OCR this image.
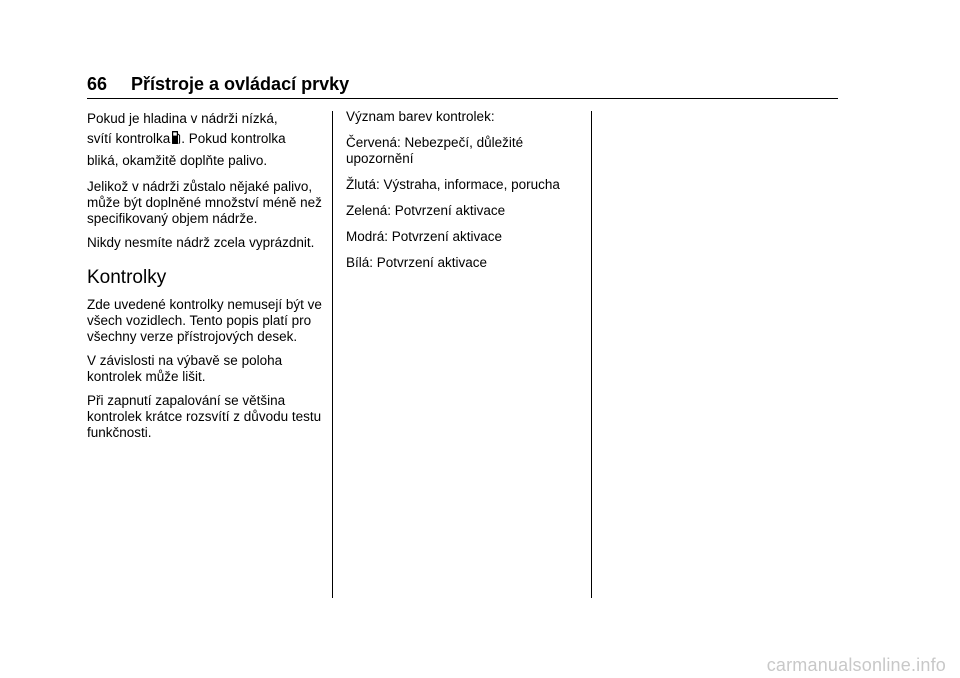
66 Přístroje a ovládací prvky

Pokud je hladina v nádrži nízká,
svítí kontrolka . Pokud kontrolka
bliká, okamžitě doplňte palivo.

Jelikož v nádrži zůstalo nějaké palivo, může být doplněné množství méně než specifikovaný objem nádrže.

Nikdy nesmíte nádrž zcela vyprázdnit.

Kontrolky

Zde uvedené kontrolky nemusejí být ve všech vozidlech. Tento popis platí pro všechny verze přístrojových desek.

V závislosti na výbavě se poloha kontrolek může lišit.

Při zapnutí zapalování se většina kontrolek krátce rozsvítí z důvodu testu funkčnosti.

Význam barev kontrolek:

Červená: Nebezpečí, důležité upozornění

Žlutá: Výstraha, informace, porucha

Zelená: Potvrzení aktivace

Modrá: Potvrzení aktivace

Bílá: Potvrzení aktivace

carmanualsonline.info
